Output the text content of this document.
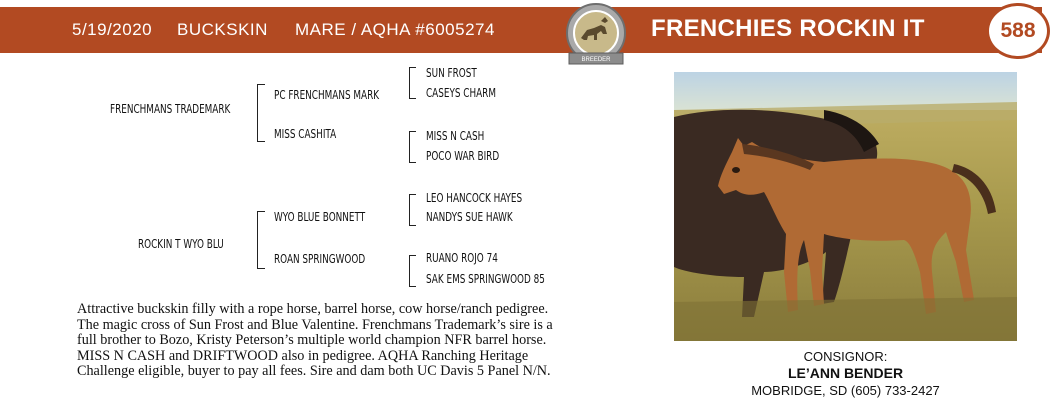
5/19/2020 BUCKSKIN MARE / AQHA #6005274	FRENCHIES ROCKIN IT	588
BREEDER
FRENCHMANS TRADEMARK
PC FRENCHMANS MARK
MISS CASHITA
SUN FROST
CASEYS CHARM
MISS N CASH
POCO WAR BIRD
ROCKIN T WYO BLU
WYO BLUE BONNETT
ROAN SPRINGWOOD
LEO HANCOCK HAYES
NANDYS SUE HAWK
RUANO ROJO 74
SAK EMS SPRINGWOOD 85

Attractive buckskin filly with a rope horse, barrel horse, cow horse/ranch pedigree.

The magic cross of Sun Frost and Blue Valentine. Frenchmans Trademark’s sire is a

full brother to Bozo, Kristy Peterson’s multiple world champion NFR barrel horse.

MISS N CASH and DRIFTWOOD also in pedigree. AQHA Ranching Heritage

Challenge eligible, buyer to pay all fees. Sire and dam both UC Davis 5 Panel N/N.

CONSIGNOR:
LE’ANN BENDER
MOBRIDGE, SD (605) 733-2427
